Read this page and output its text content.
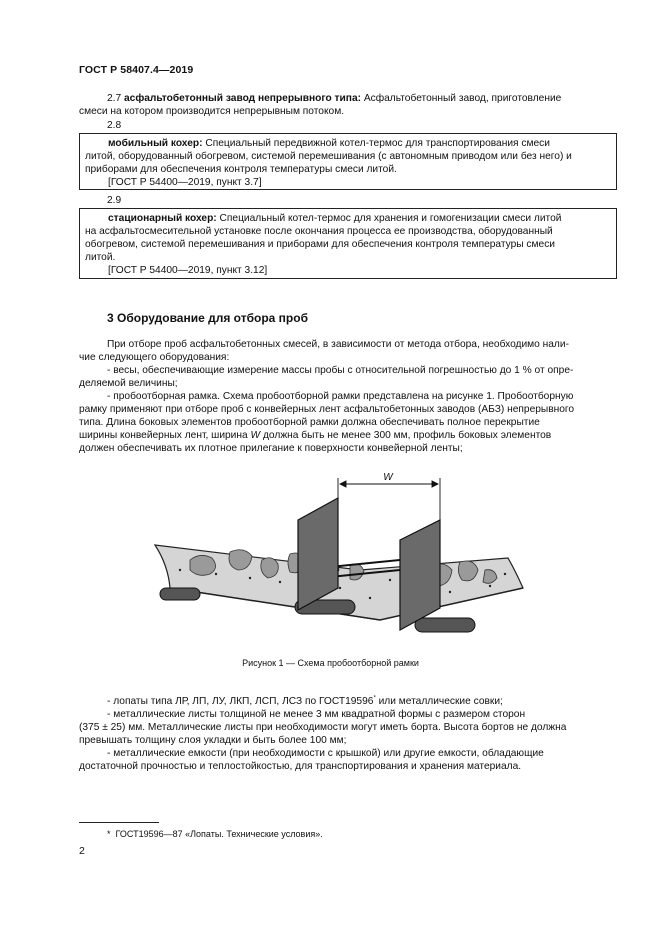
ГОСТ Р 58407.4—2019
2.7 асфальтобетонный завод непрерывного типа: Асфальтобетонный завод, приготовление
смеси на котором производится непрерывным потоком.
2.8
мобильный кохер: Специальный передвижной котел-термос для транспортирования смеси
литой, оборудованный обогревом, системой перемешивания (с автономным приводом или без него) и
приборами для обеспечения контроля температуры смеси литой.
[ГОСТ Р 54400—2019, пункт 3.7]
2.9
стационарный кохер: Специальный котел-термос для хранения и гомогенизации смеси литой
на асфальтосмесительной установке после окончания процесса ее производства, оборудованный
обогревом, системой перемешивания и приборами для обеспечения контроля температуры смеси
литой.
[ГОСТ Р 54400—2019, пункт 3.12]
3 Оборудование для отбора проб
При отборе проб асфальтобетонных смесей, в зависимости от метода отбора, необходимо нали-
чие следующего оборудования:
- весы, обеспечивающие измерение массы пробы с относительной погрешностью до 1 % от опре-
деляемой величины;
- пробоотборная рамка. Схема пробоотборной рамки представлена на рисунке 1. Пробоотборную
рамку применяют при отборе проб с конвейерных лент асфальтобетонных заводов (АБЗ) непрерывного
типа. Длина боковых элементов пробоотборной рамки должна обеспечивать полное перекрытие
ширины конвейерных лент, ширина W должна быть не менее 300 мм, профиль боковых элементов
должен обеспечивать их плотное прилегание к поверхности конвейерной ленты;
W
Рисунок 1 — Схема пробоотборной рамки
- лопаты типа ЛР, ЛП, ЛУ, ЛКП, ЛСП, ЛСЗ по ГОСТ19596* или металлические совки;
- металлические листы толщиной не менее 3 мм квадратной формы с размером сторон
(375 ± 25) мм. Металлические листы при необходимости могут иметь борта. Высота бортов не должна
превышать толщину слоя укладки и быть более 100 мм;
- металлические емкости (при необходимости с крышкой) или другие емкости, обладающие
достаточной прочностью и теплостойкостью, для транспортирования и хранения материала.
* ГОСТ19596—87 «Лопаты. Технические условия».
2
